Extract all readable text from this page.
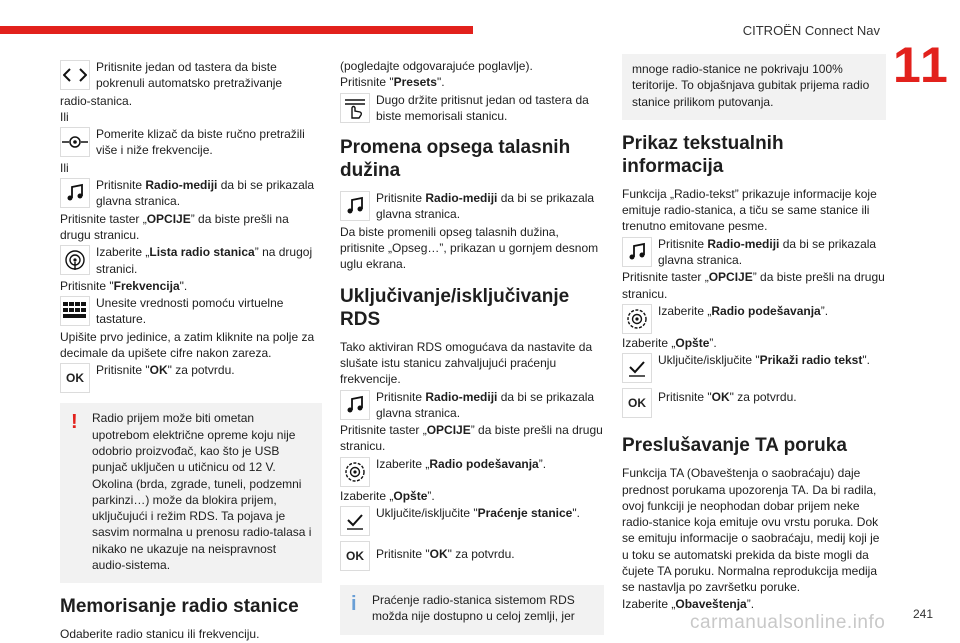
CITROËN Connect Nav
11
Pritisnite jedan od tastera da biste pokrenuli automatsko pretraživanje

radio-stanica.

Ili

Pomerite klizač da biste ručno pretražili više i niže frekvencije.

Ili

Pritisnite Radio-mediji da bi se prikazala glavna stranica.

Pritisnite taster „OPCIJE” da biste prešli na drugu stranicu.

Izaberite „Lista radio stanica” na drugoj stranici.

Pritisnite "Frekvencija".

Unesite vrednosti pomoću virtuelne tastature.

Upišite prvo jedinice, a zatim kliknite na polje za decimale da upišete cifre nakon zareza.

OK
Pritisnite "OK" za potvrdu.
! Radio prijem može biti ometan upotrebom električne opreme koju nije odobrio proizvođač, kao što je USB punjač uključen u utičnicu od 12 V.

Okolina (brda, zgrade, tuneli, podzemni parkinzi…) može da blokira prijem, uključujući i režim RDS. Ta pojava je sasvim normalna u prenosu radio-talasa i nikako ne ukazuje na neispravnost audio-sistema.

Memorisanje radio stanice

Odaberite radio stanicu ili frekvenciju.

(pogledajte odgovarajuće poglavlje).

Pritisnite "Presets".

Dugo držite pritisnut jedan od tastera da biste memorisali stanicu.
Promena opsega talasnih dužina
Pritisnite Radio-mediji da bi se prikazala glavna stranica.

Da biste promenili opseg talasnih dužina, pritisnite „Opseg…”, prikazan u gornjem desnom uglu ekrana.

Uključivanje/isključivanje RDS

Tako aktiviran RDS omogućava da nastavite da slušate istu stanicu zahvaljujući praćenju frekvencije.

Pritisnite Radio-mediji da bi se prikazala glavna stranica.

Pritisnite taster „OPCIJE” da biste prešli na drugu stranicu.

Izaberite „Radio podešavanja”.

Izaberite „Opšte”.

Uključite/isključite "Praćenje stanice".
OK	Pritisnite "OK" za potvrdu.
i Praćenje radio-stanica sistemom RDS možda nije dostupno u celoj zemlji, jer

mnoge radio-stanice ne pokrivaju 100% teritorije. To objašnjava gubitak prijema radio stanice prilikom putovanja.

Prikaz tekstualnih informacija

Funkcija „Radio-tekst” prikazuje informacije koje emituje radio-stanica, a tiču se same stanice ili trenutno emitovane pesme.

Pritisnite Radio-mediji da bi se prikazala glavna stranica.

Pritisnite taster „OPCIJE” da biste prešli na drugu stranicu.

Izaberite „Radio podešavanja”.

Izaberite „Opšte”.

Uključite/isključite "Prikaži radio tekst".
OK	Pritisnite "OK" za potvrdu.
Preslušavanje TA poruka

Funkcija TA (Obaveštenja o saobraćaju) daje prednost porukama upozorenja TA. Da bi radila, ovoj funkciji je neophodan dobar prijem neke radio-stanice koja emituje ovu vrstu poruka. Dok se emituju informacije o saobraćaju, medij koji je u toku se automatski prekida da biste mogli da čujete TA poruku. Normalna reprodukcija medija se nastavlja po završetku poruke.

Izaberite „Obaveštenja”.

carmanualsonline.info 241
